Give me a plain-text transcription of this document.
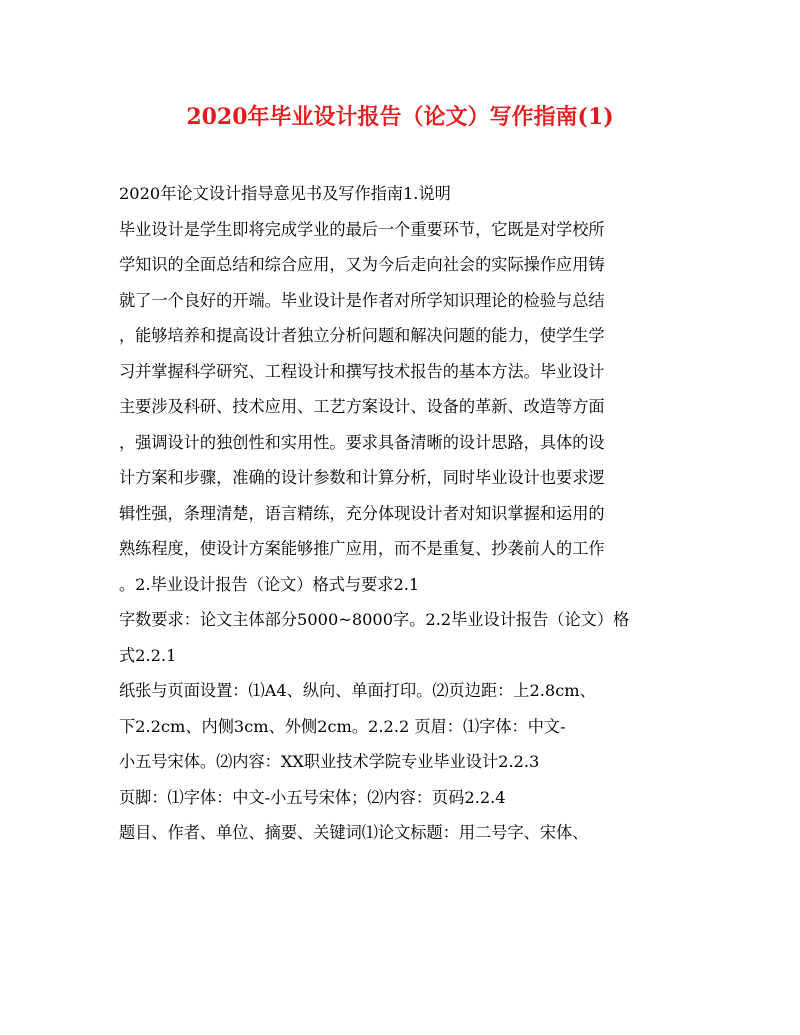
2020年毕业设计报告（论文）写作指南(1)
2020年论文设计指导意见书及写作指南1.说明
毕业设计是学生即将完成学业的最后一个重要环节，它既是对学校所
学知识的全面总结和综合应用，又为今后走向社会的实际操作应用铸
就了一个良好的开端。毕业设计是作者对所学知识理论的检验与总结
，能够培养和提高设计者独立分析问题和解决问题的能力，使学生学
习并掌握科学研究、工程设计和撰写技术报告的基本方法。毕业设计
主要涉及科研、技术应用、工艺方案设计、设备的革新、改造等方面
，强调设计的独创性和实用性。要求具备清晰的设计思路，具体的设
计方案和步骤，准确的设计参数和计算分析，同时毕业设计也要求逻
辑性强，条理清楚，语言精练，充分体现设计者对知识掌握和运用的
熟练程度，使设计方案能够推广应用，而不是重复、抄袭前人的工作
。2.毕业设计报告（论文）格式与要求2.1
字数要求：论文主体部分5000~8000字。2.2毕业设计报告（论文）格
式2.2.1
纸张与页面设置：⑴A4、纵向、单面打印。⑵页边距：上2.8cm、
下2.2cm、内侧3cm、外侧2cm。2.2.2 页眉：⑴字体：中文-
小五号宋体。⑵内容：XX职业技术学院专业毕业设计2.2.3
页脚：⑴字体：中文-小五号宋体；⑵内容：页码2.2.4
题目、作者、单位、摘要、关键词⑴论文标题：用二号字、宋体、
